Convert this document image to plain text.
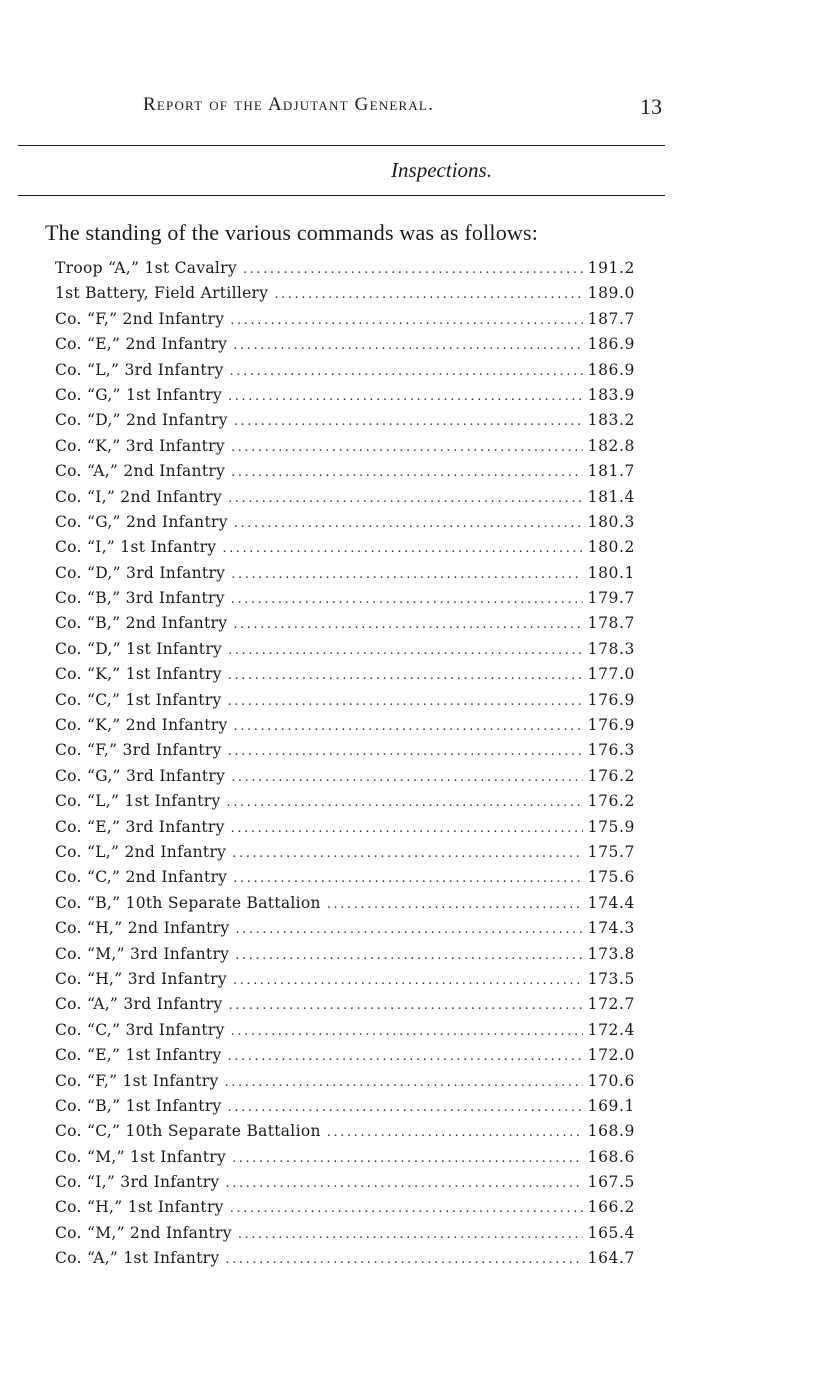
Report of the Adjutant General.	13
Inspections.
The standing of the various commands was as follows:
Troop “A,” 1st Cavalry .....	191.2
1st Battery, Field Artillery .....	189.0
Co. “F,” 2nd Infantry .....	187.7
Co. “E,” 2nd Infantry .....	186.9
Co. “L,” 3rd Infantry .....	186.9
Co. “G,” 1st Infantry .....	183.9
Co. “D,” 2nd Infantry .....	183.2
Co. “K,” 3rd Infantry .....	182.8
Co. “A,” 2nd Infantry .....	181.7
Co. “I,” 2nd Infantry .....	181.4
Co. “G,” 2nd Infantry .....	180.3
Co. “I,” 1st Infantry .....	180.2
Co. “D,” 3rd Infantry .....	180.1
Co. “B,” 3rd Infantry .....	179.7
Co. “B,” 2nd Infantry .....	178.7
Co. “D,” 1st Infantry .....	178.3
Co. “K,” 1st Infantry .....	177.0
Co. “C,” 1st Infantry .....	176.9
Co. “K,” 2nd Infantry .....	176.9
Co. “F,” 3rd Infantry .....	176.3
Co. “G,” 3rd Infantry .....	176.2
Co. “L,” 1st Infantry .....	176.2
Co. “E,” 3rd Infantry .....	175.9
Co. “L,” 2nd Infantry .....	175.7
Co. “C,” 2nd Infantry .....	175.6
Co. “B,” 10th Separate Battalion .....	174.4
Co. “H,” 2nd Infantry .....	174.3
Co. “M,” 3rd Infantry .....	173.8
Co. “H,” 3rd Infantry .....	173.5
Co. “A,” 3rd Infantry .....	172.7
Co. “C,” 3rd Infantry .....	172.4
Co. “E,” 1st Infantry .....	172.0
Co. “F,” 1st Infantry .....	170.6
Co. “B,” 1st Infantry .....	169.1
Co. “C,” 10th Separate Battalion .....	168.9
Co. “M,” 1st Infantry .....	168.6
Co. “I,” 3rd Infantry .....	167.5
Co. “H,” 1st Infantry .....	166.2
Co. “M,” 2nd Infantry .....	165.4
Co. “A,” 1st Infantry .....	164.7
